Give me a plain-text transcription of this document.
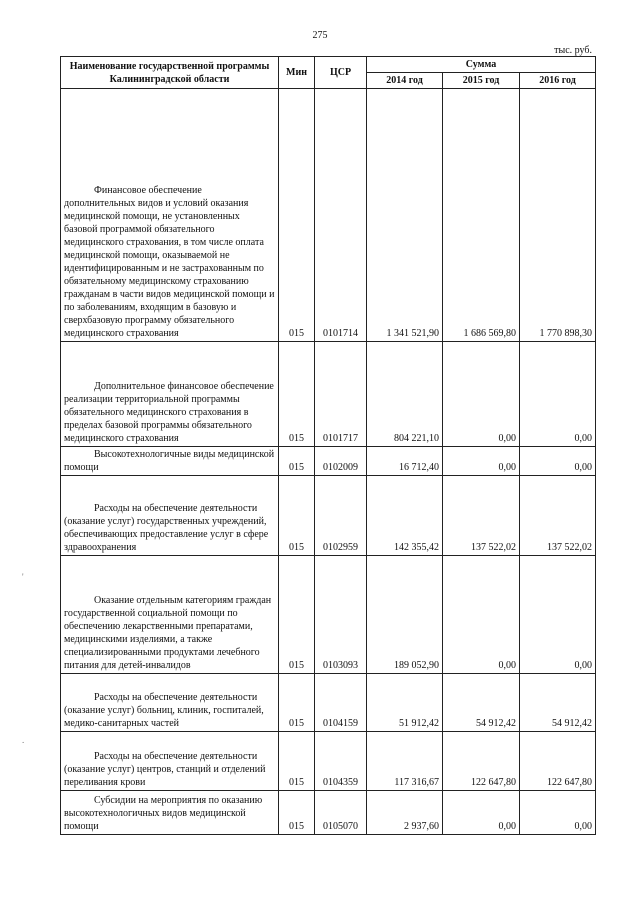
275
тыс. руб.
Наименование государственной программы Калининградской области	Мин	ЦСР	Сумма		
			2014 год	2015 год	2016 год
Финансовое обеспечение дополнительных видов и условий оказания медицинской помощи, не установленных базовой программой обязательного медицинского страхования, в том числе оплата медицинской помощи, оказываемой не идентифицированным и не застрахованным по обязательному медицинскому страхованию гражданам в части видов медицинской помощи и по заболеваниям, входящим в базовую и сверхбазовую программу обязательного медицинского страхования	015	0101714	1 341 521,90	1 686 569,80	1 770 898,30
Дополнительное финансовое обеспечение реализации территориальной программы обязательного медицинского страхования в пределах базовой программы обязательного медицинского страхования	015	0101717	804 221,10	0,00	0,00
Высокотехнологичные виды медицинской помощи	015	0102009	16 712,40	0,00	0,00
Расходы на обеспечение деятельности (оказание услуг) государственных учреждений, обеспечивающих предоставление услуг в сфере здравоохранения	015	0102959	142 355,42	137 522,02	137 522,02
Оказание отдельным категориям граждан государственной социальной помощи по обеспечению лекарственными препаратами, медицинскими изделиями, а также специализированными продуктами лечебного питания для детей-инвалидов	015	0103093	189 052,90	0,00	0,00
Расходы на обеспечение деятельности (оказание услуг) больниц, клиник, госпиталей, медико-санитарных частей	015	0104159	51 912,42	54 912,42	54 912,42
Расходы на обеспечение деятельности (оказание услуг) центров, станций и отделений переливания крови	015	0104359	117 316,67	122 647,80	122 647,80
Субсидии на мероприятия по оказанию высокотехнологичных видов медицинской помощи	015	0105070	2 937,60	0,00	0,00
'
.
